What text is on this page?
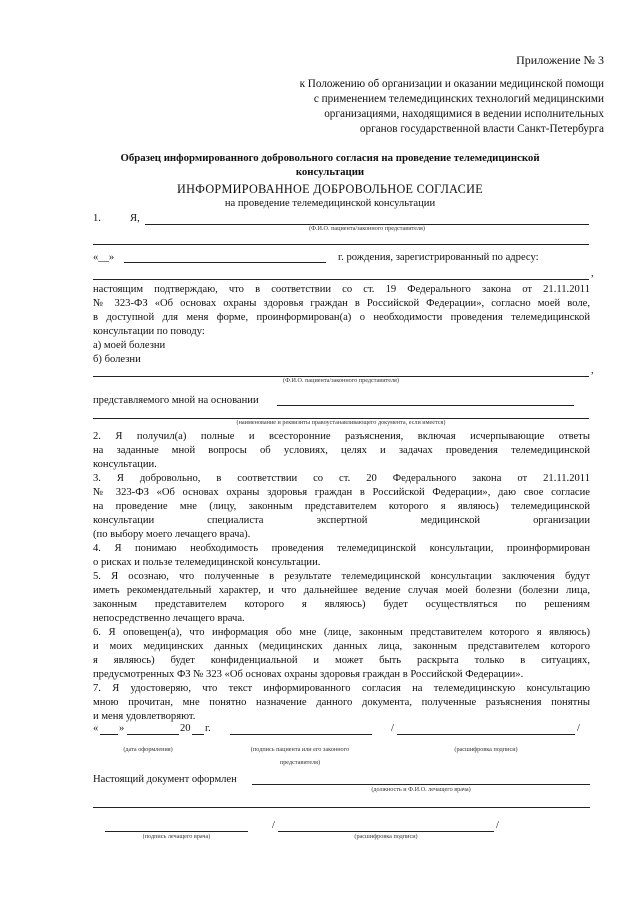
Приложение № 3
к Положению об организации и оказании медицинской помощи
с применением телемедицинских технологий медицинскими
организациями, находящимися в ведении исполнительных
органов государственной власти Санкт-Петербурга
Образец информированного добровольного согласия на проведение телемедицинской
консультации
ИНФОРМИРОВАННОЕ ДОБРОВОЛЬНОЕ СОГЛАСИЕ
на проведение телемедицинской консультации
1.	Я,
(Ф.И.О. пациента/законного представителя)
«__»	г. рождения, зарегистрированный по адресу:
,
настоящим подтверждаю, что в соответствии со ст. 19 Федерального закона от 21.11.2011
№ 323-ФЗ «Об основах охраны здоровья граждан в Российской Федерации», согласно моей воле,
в доступной для меня форме, проинформирован(а) о необходимости проведения телемедицинской
консультации по поводу:
а) моей болезни
б) болезни
,
(Ф.И.О. пациента/законного представителя)
представляемого мной на основании
(наименование и реквизиты правоустанавливающего документа, если имеется)
2. Я получил(а) полные и всесторонние разъяснения, включая исчерпывающие ответы
на заданные мной вопросы об условиях, целях и задачах проведения телемедицинской
консультации.
3. Я добровольно, в соответствии со ст. 20 Федерального закона от 21.11.2011
№ 323-ФЗ «Об основах охраны здоровья граждан в Российской Федерации», даю свое согласие
на проведение мне (лицу, законным представителем которого я являюсь) телемедицинской
консультации специалиста экспертной медицинской организации
(по выбору моего лечащего врача).
4. Я понимаю необходимость проведения телемедицинской консультации, проинформирован
о рисках и пользе телемедицинской консультации.
5. Я осознаю, что полученные в результате телемедицинской консультации заключения будут
иметь рекомендательный характер, и что дальнейшее ведение случая моей болезни (болезни лица,
законным представителем которого я являюсь) будет осуществляться по решениям
непосредственно лечащего врача.
6. Я оповещен(а), что информация обо мне (лице, законным представителем которого я являюсь)
и моих медицинских данных (медицинских данных лица, законным представителем которого
я являюсь) будет конфиденциальной и может быть раскрыта только в ситуациях,
предусмотренных ФЗ № 323 «Об основах охраны здоровья граждан в Российской Федерации».
7. Я удостоверяю, что текст информированного согласия на телемедицинскую консультацию
мною прочитан, мне понятно назначение данного документа, полученные разъяснения понятны
и меня удовлетворяют.
« »	20 г.	/	/
(дата оформления)	(подпись пациента или его законного
представителя)
(расшифровка подписи)
Настоящий документ оформлен
(должность и Ф.И.О. лечащего врача)
/	/
(подпись лечащего врача)	(расшифровка подписи)
